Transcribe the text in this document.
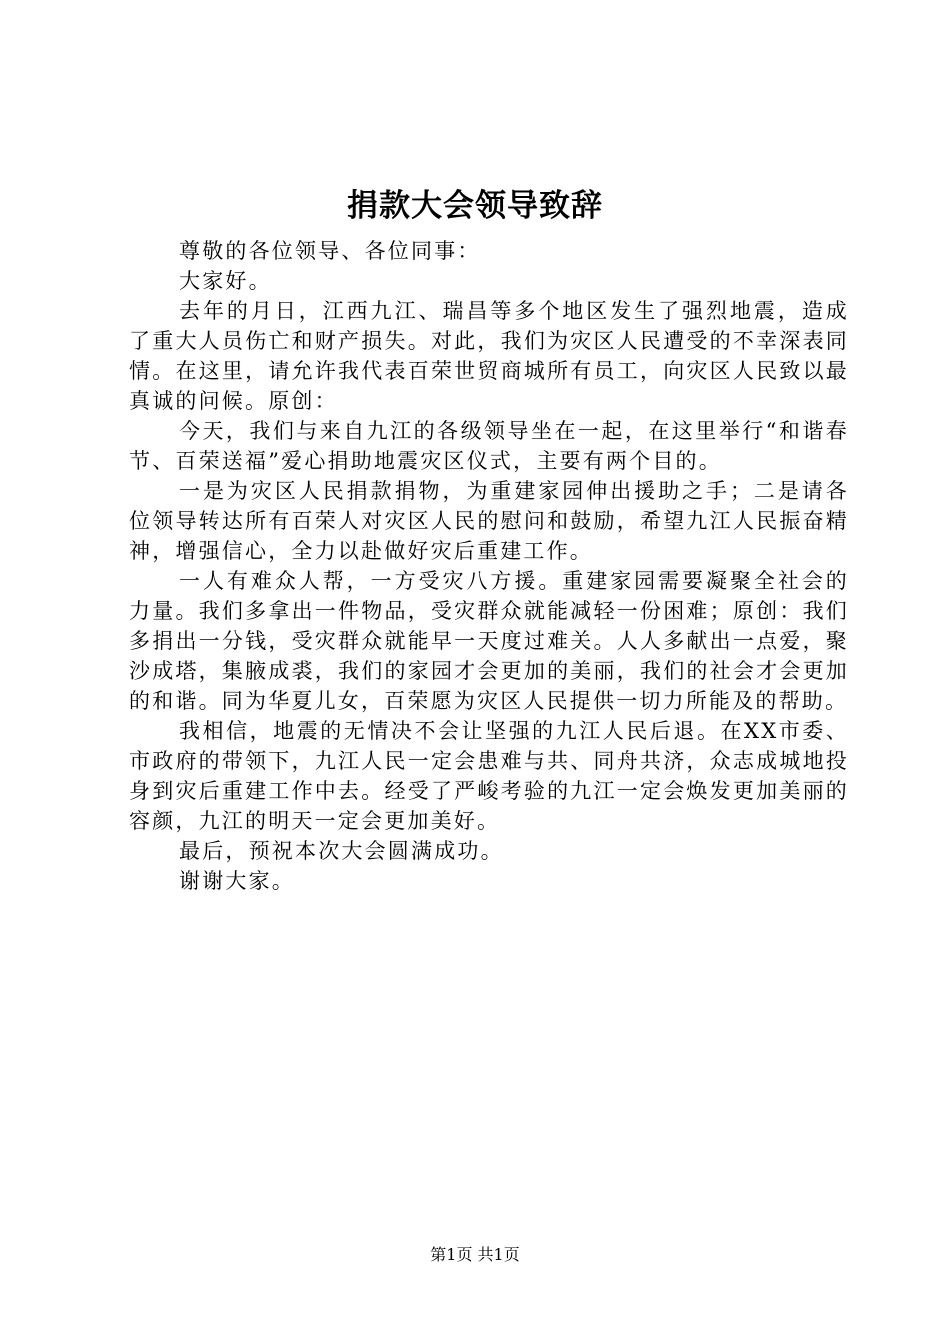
捐款大会领导致辞

尊敬的各位领导、各位同事：

大家好。

去年的月日，江西九江、瑞昌等多个地区发生了强烈地震，造成了重大人员伤亡和财产损失。对此，我们为灾区人民遭受的不幸深表同情。在这里，请允许我代表百荣世贸商城所有员工，向灾区人民致以最真诚的问候。原创：

今天，我们与来自九江的各级领导坐在一起，在这里举行“和谐春节、百荣送福”爱心捐助地震灾区仪式，主要有两个目的。

一是为灾区人民捐款捐物，为重建家园伸出援助之手；二是请各位领导转达所有百荣人对灾区人民的慰问和鼓励，希望九江人民振奋精神，增强信心，全力以赴做好灾后重建工作。

一人有难众人帮，一方受灾八方援。重建家园需要凝聚全社会的力量。我们多拿出一件物品，受灾群众就能减轻一份困难；原创：我们多捐出一分钱，受灾群众就能早一天度过难关。人人多献出一点爱，聚沙成塔，集腋成裘，我们的家园才会更加的美丽，我们的社会才会更加的和谐。同为华夏儿女，百荣愿为灾区人民提供一切力所能及的帮助。

我相信，地震的无情决不会让坚强的九江人民后退。在XX市委、市政府的带领下，九江人民一定会患难与共、同舟共济，众志成城地投身到灾后重建工作中去。经受了严峻考验的九江一定会焕发更加美丽的容颜，九江的明天一定会更加美好。

最后，预祝本次大会圆满成功。

谢谢大家。

第1页 共1页
